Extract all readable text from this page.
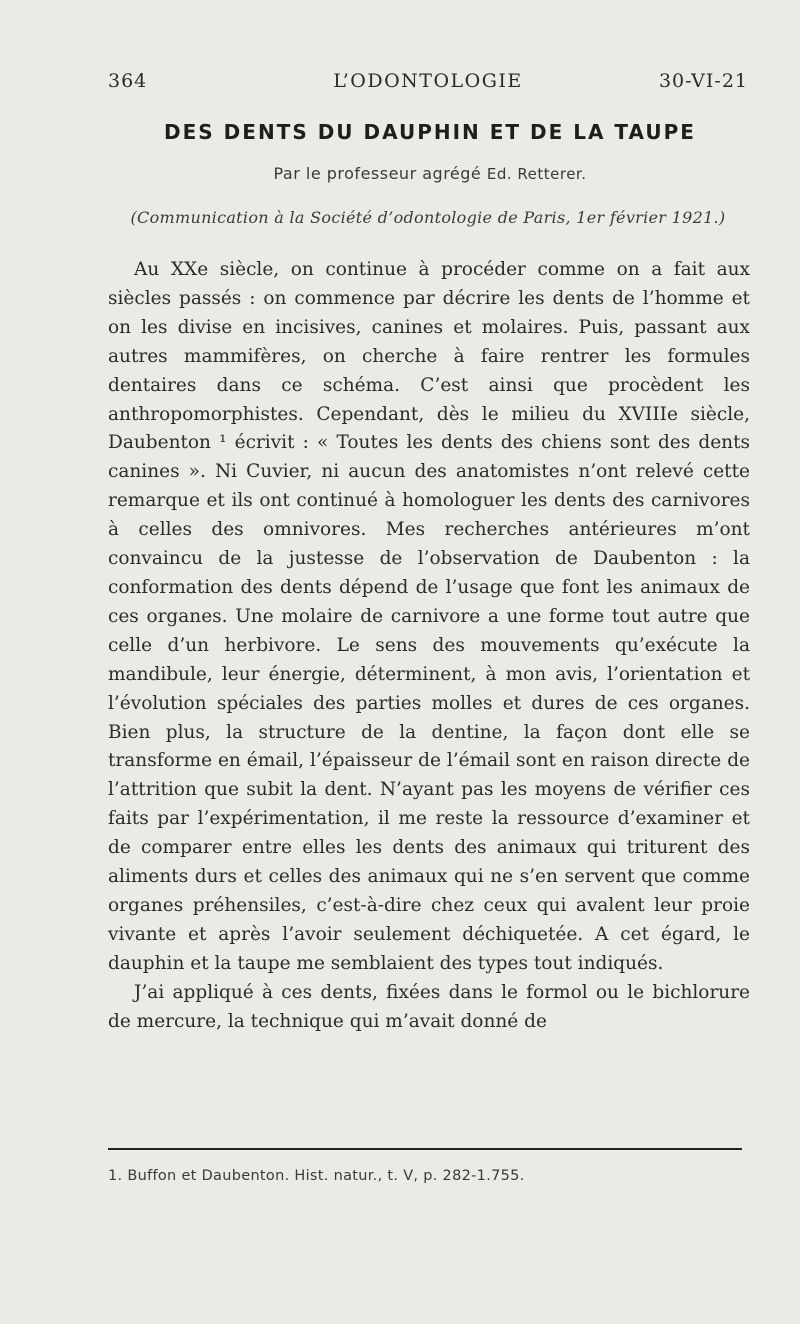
L’ODONTOLOGIE
364	30-VI-21
DES DENTS DU DAUPHIN ET DE LA TAUPE
Par le professeur agrégé Ed. Retterer.
(Communication à la Société d’odontologie de Paris, 1er février 1921.)

Au XXe siècle, on continue à procéder comme on a fait aux siècles passés : on commence par décrire les dents de l’homme et on les divise en incisives, canines et molaires. Puis, passant aux autres mammifères, on cherche à faire rentrer les formules dentaires dans ce schéma. C’est ainsi que procèdent les anthropomorphistes. Cependant, dès le milieu du XVIIIe siècle, Daubenton ¹ écrivit : « Toutes les dents des chiens sont des dents canines ». Ni Cuvier, ni aucun des anatomistes n’ont relevé cette remarque et ils ont continué à homologuer les dents des carnivores à celles des omnivores. Mes recherches antérieures m’ont convaincu de la justesse de l’observation de Daubenton : la conformation des dents dépend de l’usage que font les animaux de ces organes. Une molaire de carnivore a une forme tout autre que celle d’un herbivore. Le sens des mouvements qu’exécute la mandibule, leur énergie, déterminent, à mon avis, l’orientation et l’évolution spéciales des parties molles et dures de ces organes. Bien plus, la structure de la dentine, la façon dont elle se transforme en émail, l’épaisseur de l’émail sont en raison directe de l’attrition que subit la dent. N’ayant pas les moyens de vérifier ces faits par l’expérimentation, il me reste la ressource d’examiner et de comparer entre elles les dents des animaux qui triturent des aliments durs et celles des animaux qui ne s’en servent que comme organes préhensiles, c’est-à-dire chez ceux qui avalent leur proie vivante et après l’avoir seulement déchiquetée. A cet égard, le dauphin et la taupe me semblaient des types tout indiqués.

J’ai appliqué à ces dents, fixées dans le formol ou le bichlorure de mercure, la technique qui m’avait donné de

1. Buffon et Daubenton. Hist. natur., t. V, p. 282-1.755.
